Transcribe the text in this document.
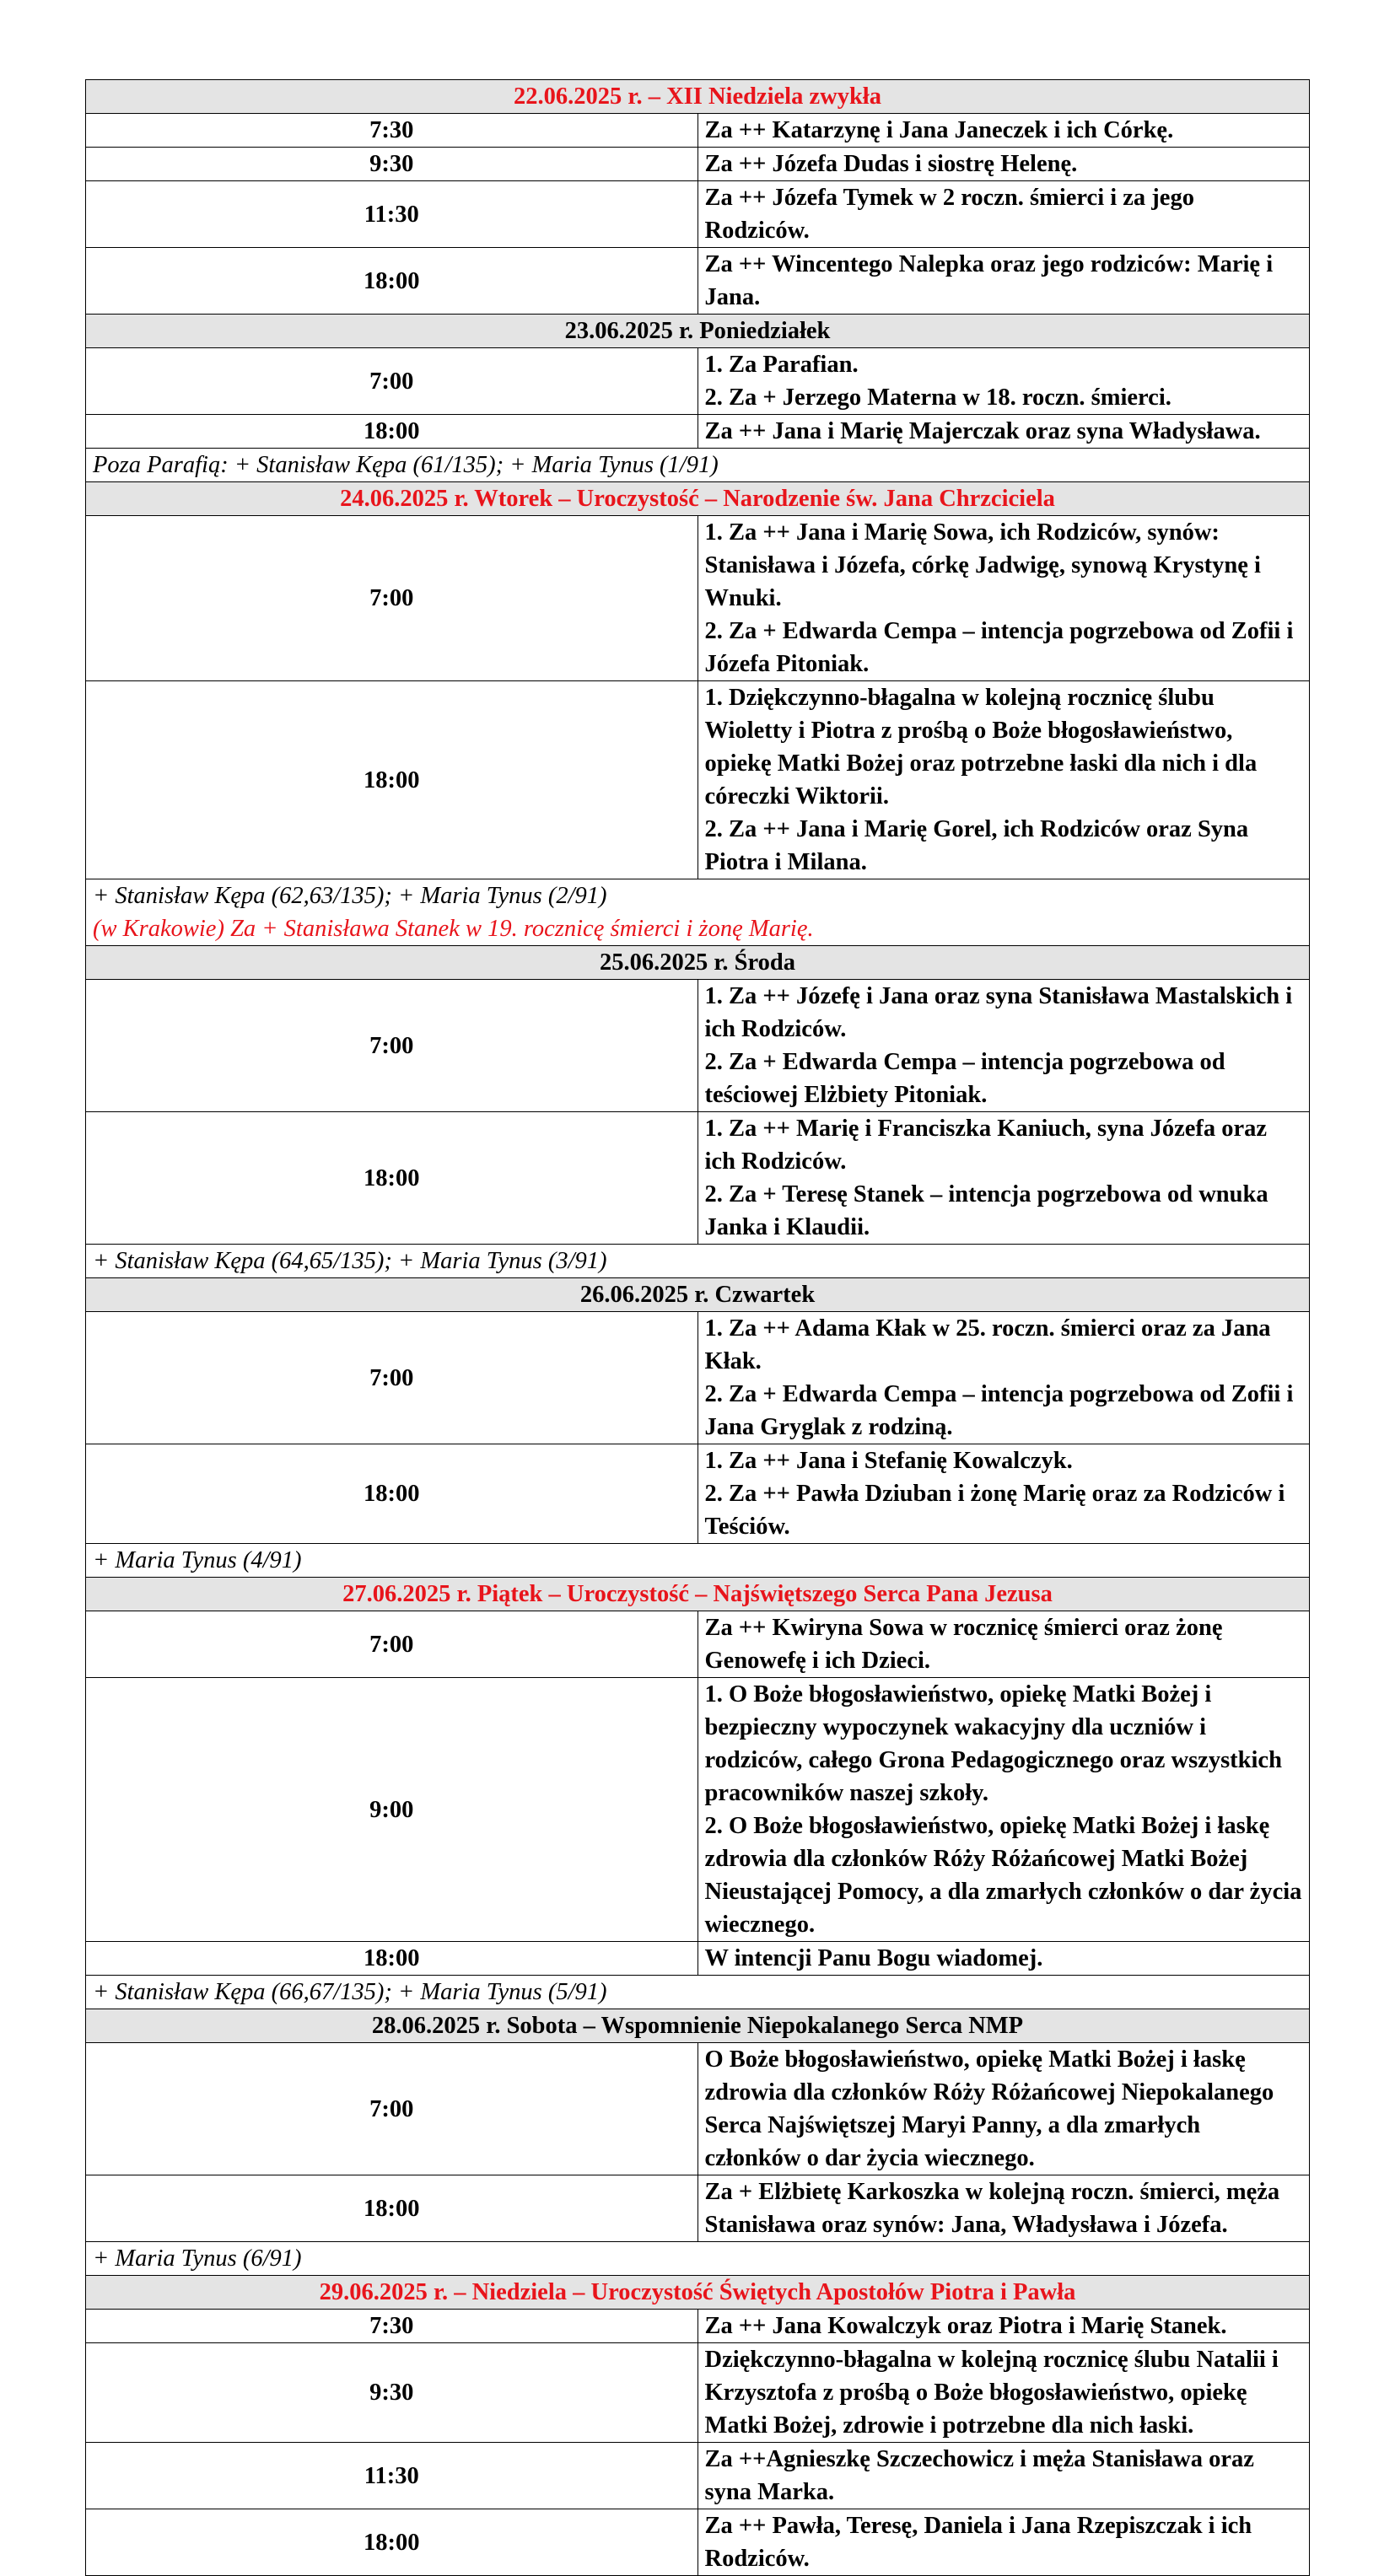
22.06.2025 r. – XII Niedziela zwykła	
7:30	Za ++ Katarzynę i Jana Janeczek i ich Córkę.

9:30	Za ++ Józefa Dudas i siostrę Helenę.

11:30	Za ++ Józefa Tymek w 2 roczn. śmierci i za jego Rodziców.

18:00	Za ++ Wincentego Nalepka oraz jego rodziców: Marię i Jana.

23.06.2025 r. Poniedziałek	
7:00	1. Za Parafian.
2. Za + Jerzego Materna w 18. roczn. śmierci.

18:00	Za ++ Jana i Marię Majerczak oraz syna Władysława.

Poza Parafią: + Stanisław Kępa (61/135); + Maria Tynus (1/91)	

24.06.2025 r. Wtorek – Uroczystość – Narodzenie św. Jana Chrzciciela	
7:00	1. Za ++ Jana i Marię Sowa, ich Rodziców, synów: Stanisława i Józefa, córkę Jadwigę, synową Krystynę i Wnuki.
2. Za + Edwarda Cempa – intencja pogrzebowa od Zofii i Józefa Pitoniak.

18:00	1. Dziękczynno-błagalna w kolejną rocznicę ślubu Wioletty i Piotra z prośbą o Boże błogosławieństwo, opiekę Matki Bożej oraz potrzebne łaski dla nich i dla córeczki Wiktorii.
2. Za ++ Jana i Marię Gorel, ich Rodziców oraz Syna Piotra i Milana.

+ Stanisław Kępa (62,63/135); + Maria Tynus (2/91)
(w Krakowie) Za + Stanisława Stanek w 19. rocznicę śmierci i żonę Marię.	

25.06.2025 r. Środa	
7:00	1. Za ++ Józefę i Jana oraz syna Stanisława Mastalskich i ich Rodziców.
2. Za + Edwarda Cempa – intencja pogrzebowa od teściowej Elżbiety Pitoniak.

18:00	1. Za ++ Marię i Franciszka Kaniuch, syna Józefa oraz ich Rodziców.
2. Za + Teresę Stanek – intencja pogrzebowa od wnuka Janka i Klaudii.

+ Stanisław Kępa (64,65/135); + Maria Tynus (3/91)	

26.06.2025 r. Czwartek	
7:00	1. Za ++ Adama Kłak w 25. roczn. śmierci oraz za Jana Kłak.
2. Za + Edwarda Cempa – intencja pogrzebowa od Zofii i Jana Gryglak z rodziną.

18:00	1. Za ++ Jana i Stefanię Kowalczyk.
2. Za ++ Pawła Dziuban i żonę Marię oraz za Rodziców i Teściów.

+ Maria Tynus (4/91)	

27.06.2025 r. Piątek – Uroczystość – Najświętszego Serca Pana Jezusa	
7:00	Za ++ Kwiryna Sowa w rocznicę śmierci oraz żonę Genowefę i ich Dzieci.

9:00	1. O Boże błogosławieństwo, opiekę Matki Bożej i bezpieczny wypoczynek wakacyjny dla uczniów i rodziców, całego Grona Pedagogicznego oraz wszystkich pracowników naszej szkoły.
2. O Boże błogosławieństwo, opiekę Matki Bożej i łaskę zdrowia dla członków Róży Różańcowej Matki Bożej Nieustającej Pomocy, a dla zmarłych członków o dar życia wiecznego.

18:00	W intencji Panu Bogu wiadomej.

+ Stanisław Kępa (66,67/135); + Maria Tynus (5/91)	

28.06.2025 r. Sobota – Wspomnienie Niepokalanego Serca NMP	
7:00	O Boże błogosławieństwo, opiekę Matki Bożej i łaskę zdrowia dla członków Róży Różańcowej Niepokalanego Serca Najświętszej Maryi Panny, a dla zmarłych członków o dar życia wiecznego.

18:00	Za + Elżbietę Karkoszka w kolejną roczn. śmierci, męża Stanisława oraz synów: Jana, Władysława i Józefa.

+ Maria Tynus (6/91)	

29.06.2025 r. – Niedziela – Uroczystość Świętych Apostołów Piotra i Pawła	
7:30	Za ++ Jana Kowalczyk oraz Piotra i Marię Stanek.

9:30	Dziękczynno-błagalna w kolejną rocznicę ślubu Natalii i Krzysztofa z prośbą o Boże błogosławieństwo, opiekę Matki Bożej, zdrowie i potrzebne dla nich łaski.

11:30	Za ++Agnieszkę Szczechowicz i męża Stanisława oraz syna Marka.

18:00	Za ++ Pawła, Teresę, Daniela i Jana Rzepiszczak i ich Rodziców.
